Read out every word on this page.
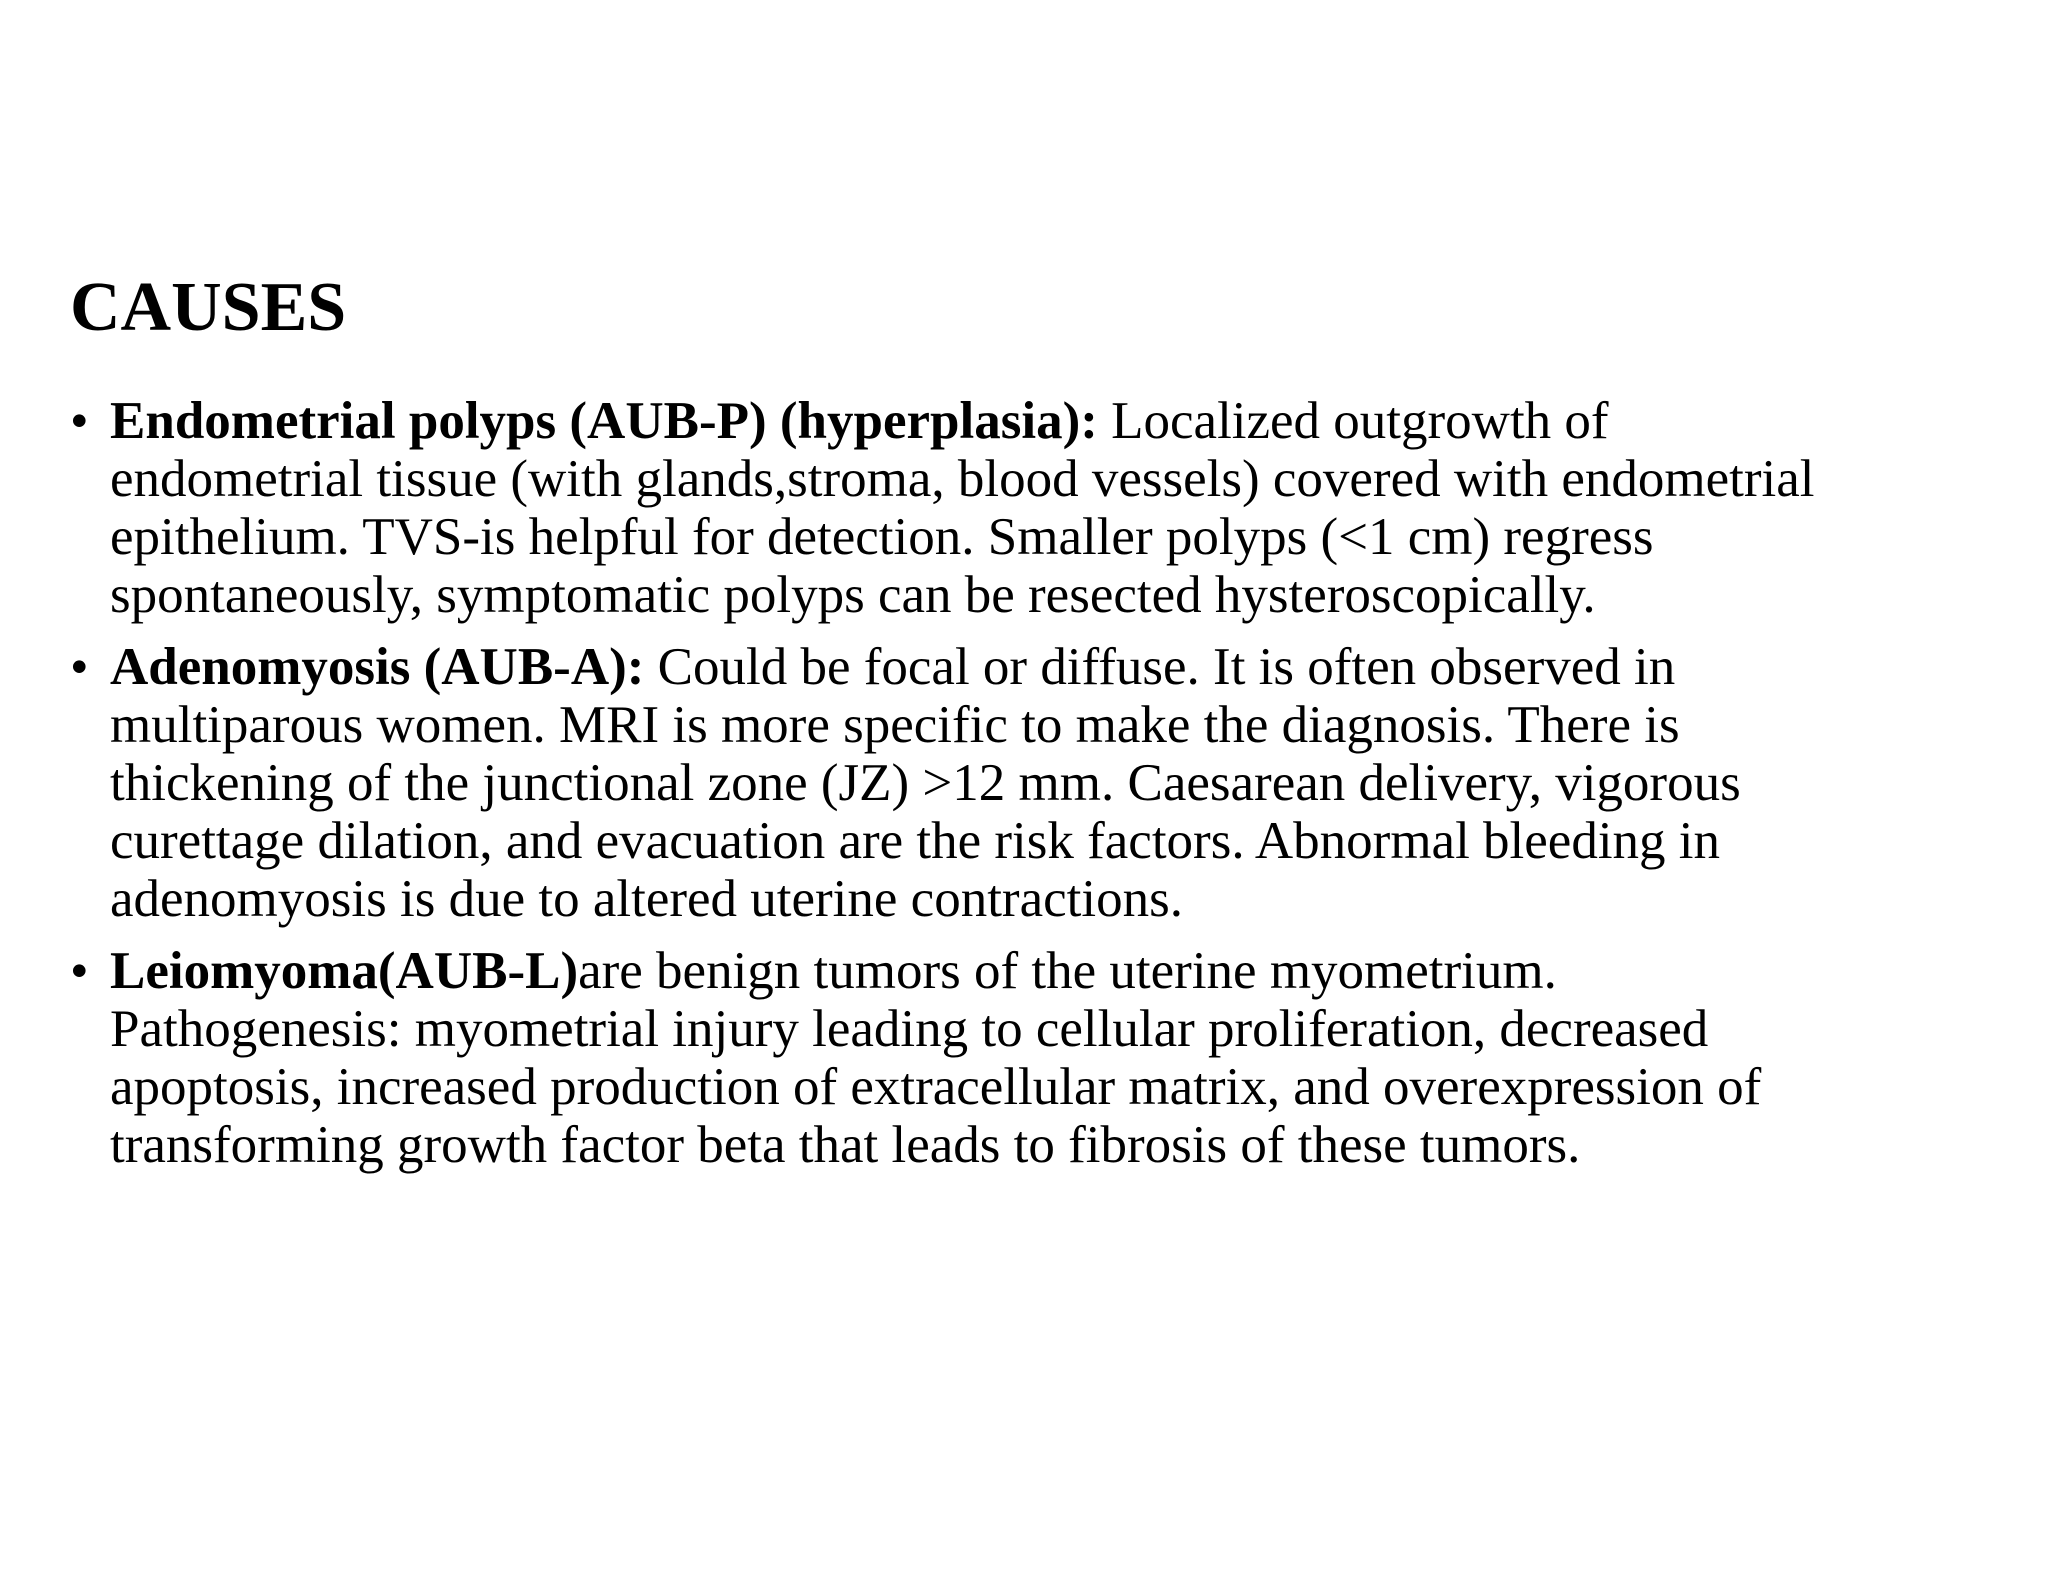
CAUSES
• Endometrial polyps (AUB-P) (hyperplasia): Localized outgrowth of endometrial tissue (with glands,stroma, blood vessels) covered with endometrial epithelium. TVS-is helpful for detection. Smaller polyps (<1 cm) regress spontaneously, symptomatic polyps can be resected hysteroscopically.
• Adenomyosis (AUB-A): Could be focal or diffuse. It is often observed in multiparous women. MRI is more specific to make the diagnosis. There is thickening of the junctional zone (JZ) >12 mm. Caesarean delivery, vigorous curettage dilation, and evacuation are the risk factors. Abnormal bleeding in adenomyosis is due to altered uterine contractions.
• Leiomyoma(AUB-L)are benign tumors of the uterine myometrium. Pathogenesis: myometrial injury leading to cellular proliferation, decreased apoptosis, increased production of extracellular matrix, and overexpression of transforming growth factor beta that leads to fibrosis of these tumors.
